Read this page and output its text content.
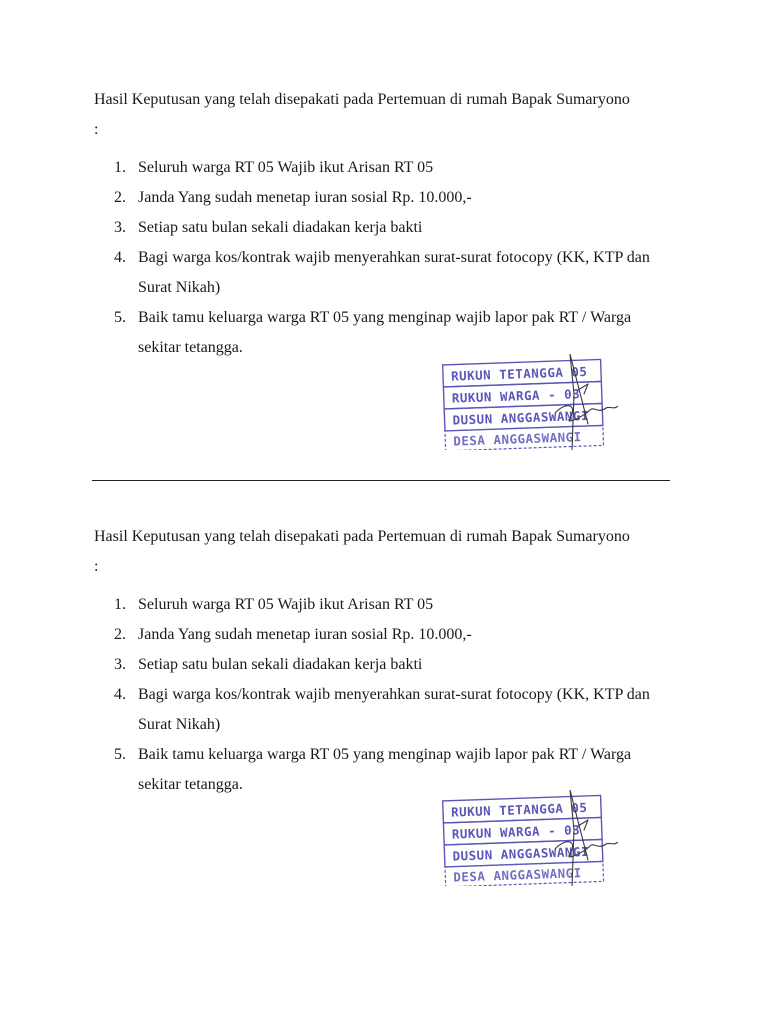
Hasil Keputusan yang telah disepakati pada Pertemuan di rumah Bapak Sumaryono :

1. Seluruh warga RT 05 Wajib ikut Arisan RT 05
2. Janda Yang sudah menetap iuran sosial Rp. 10.000,-
3. Setiap satu bulan sekali diadakan kerja bakti
4. Bagi warga kos/kontrak wajib menyerahkan surat-surat fotocopy (KK, KTP dan Surat Nikah)
5. Baik tamu keluarga warga RT 05 yang menginap wajib lapor pak RT / Warga sekitar tetangga.
RUKUN TETANGGA 05
RUKUN WARGA - 03
DUSUN ANGGASWANGI
DESA ANGGASWANGI

Hasil Keputusan yang telah disepakati pada Pertemuan di rumah Bapak Sumaryono :

1. Seluruh warga RT 05 Wajib ikut Arisan RT 05
2. Janda Yang sudah menetap iuran sosial Rp. 10.000,-
3. Setiap satu bulan sekali diadakan kerja bakti
4. Bagi warga kos/kontrak wajib menyerahkan surat-surat fotocopy (KK, KTP dan Surat Nikah)
5. Baik tamu keluarga warga RT 05 yang menginap wajib lapor pak RT / Warga sekitar tetangga.
RUKUN TETANGGA 05
RUKUN WARGA - 03
DUSUN ANGGASWANGI
DESA ANGGASWANGI
